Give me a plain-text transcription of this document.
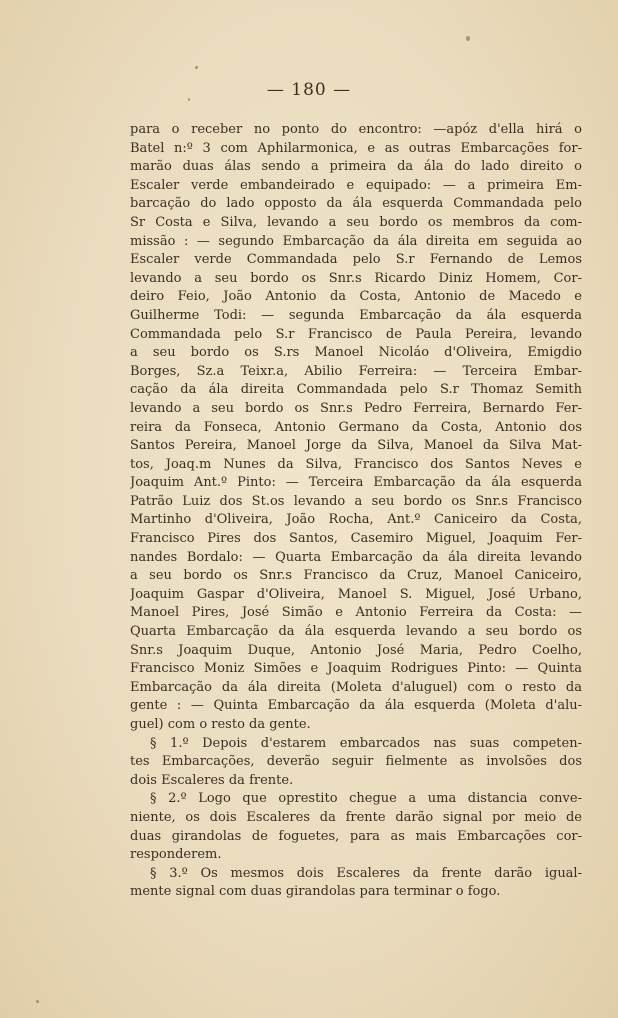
— 180 —
para o receber no ponto do encontro: —apóz d'ella hirá o
Batel n:º 3 com Aphilarmonica, e as outras Embarcações for-
marão duas álas sendo a primeira da ála do lado direito o
Escaler verde embandeirado e equipado: — a primeira Em-
barcação do lado opposto da ála esquerda Commandada pelo
Sr Costa e Silva, levando a seu bordo os membros da com-
missão : — segundo Embarcação da ála direita em seguida ao
Escaler verde Commandada pelo S.r Fernando de Lemos
levando a seu bordo os Snr.s Ricardo Diniz Homem, Cor-
deiro Feio, João Antonio da Costa, Antonio de Macedo e
Guilherme Todi: — segunda Embarcação da ála esquerda
Commandada pelo S.r Francisco de Paula Pereira, levando
a seu bordo os S.rs Manoel Nicoláo d'Oliveira, Emigdio
Borges, Sz.a Teixr.a, Abilio Ferreira: — Terceira Embar-
cação da ála direita Commandada pelo S.r Thomaz Semith
levando a seu bordo os Snr.s Pedro Ferreira, Bernardo Fer-
reira da Fonseca, Antonio Germano da Costa, Antonio dos
Santos Pereira, Manoel Jorge da Silva, Manoel da Silva Mat-
tos, Joaq.m Nunes da Silva, Francisco dos Santos Neves e
Joaquim Ant.º Pinto: — Terceira Embarcação da ála esquerda
Patrão Luiz dos St.os levando a seu bordo os Snr.s Francisco
Martinho d'Oliveira, João Rocha, Ant.º Caniceiro da Costa,
Francisco Pires dos Santos, Casemiro Miguel, Joaquim Fer-
nandes Bordalo: — Quarta Embarcação da ála direita levando
a seu bordo os Snr.s Francisco da Cruz, Manoel Caniceiro,
Joaquim Gaspar d'Oliveira, Manoel S. Miguel, José Urbano,
Manoel Pires, José Simão e Antonio Ferreira da Costa: —
Quarta Embarcação da ála esquerda levando a seu bordo os
Snr.s Joaquim Duque, Antonio José Maria, Pedro Coelho,
Francisco Moniz Simões e Joaquim Rodrigues Pinto: — Quinta
Embarcação da ála direita (Moleta d'aluguel) com o resto da
gente : — Quinta Embarcação da ála esquerda (Moleta d'alu-
guel) com o resto da gente.
§ 1.º Depois d'estarem embarcados nas suas competen-
tes Embarcações, deverão seguir fielmente as involsões dos
dois Escaleres da frente.
§ 2.º Logo que oprestito chegue a uma distancia conve-
niente, os dois Escaleres da frente darão signal por meio de
duas girandolas de foguetes, para as mais Embarcações cor-
responderem.
§ 3.º Os mesmos dois Escaleres da frente darão igual-
mente signal com duas girandolas para terminar o fogo.
